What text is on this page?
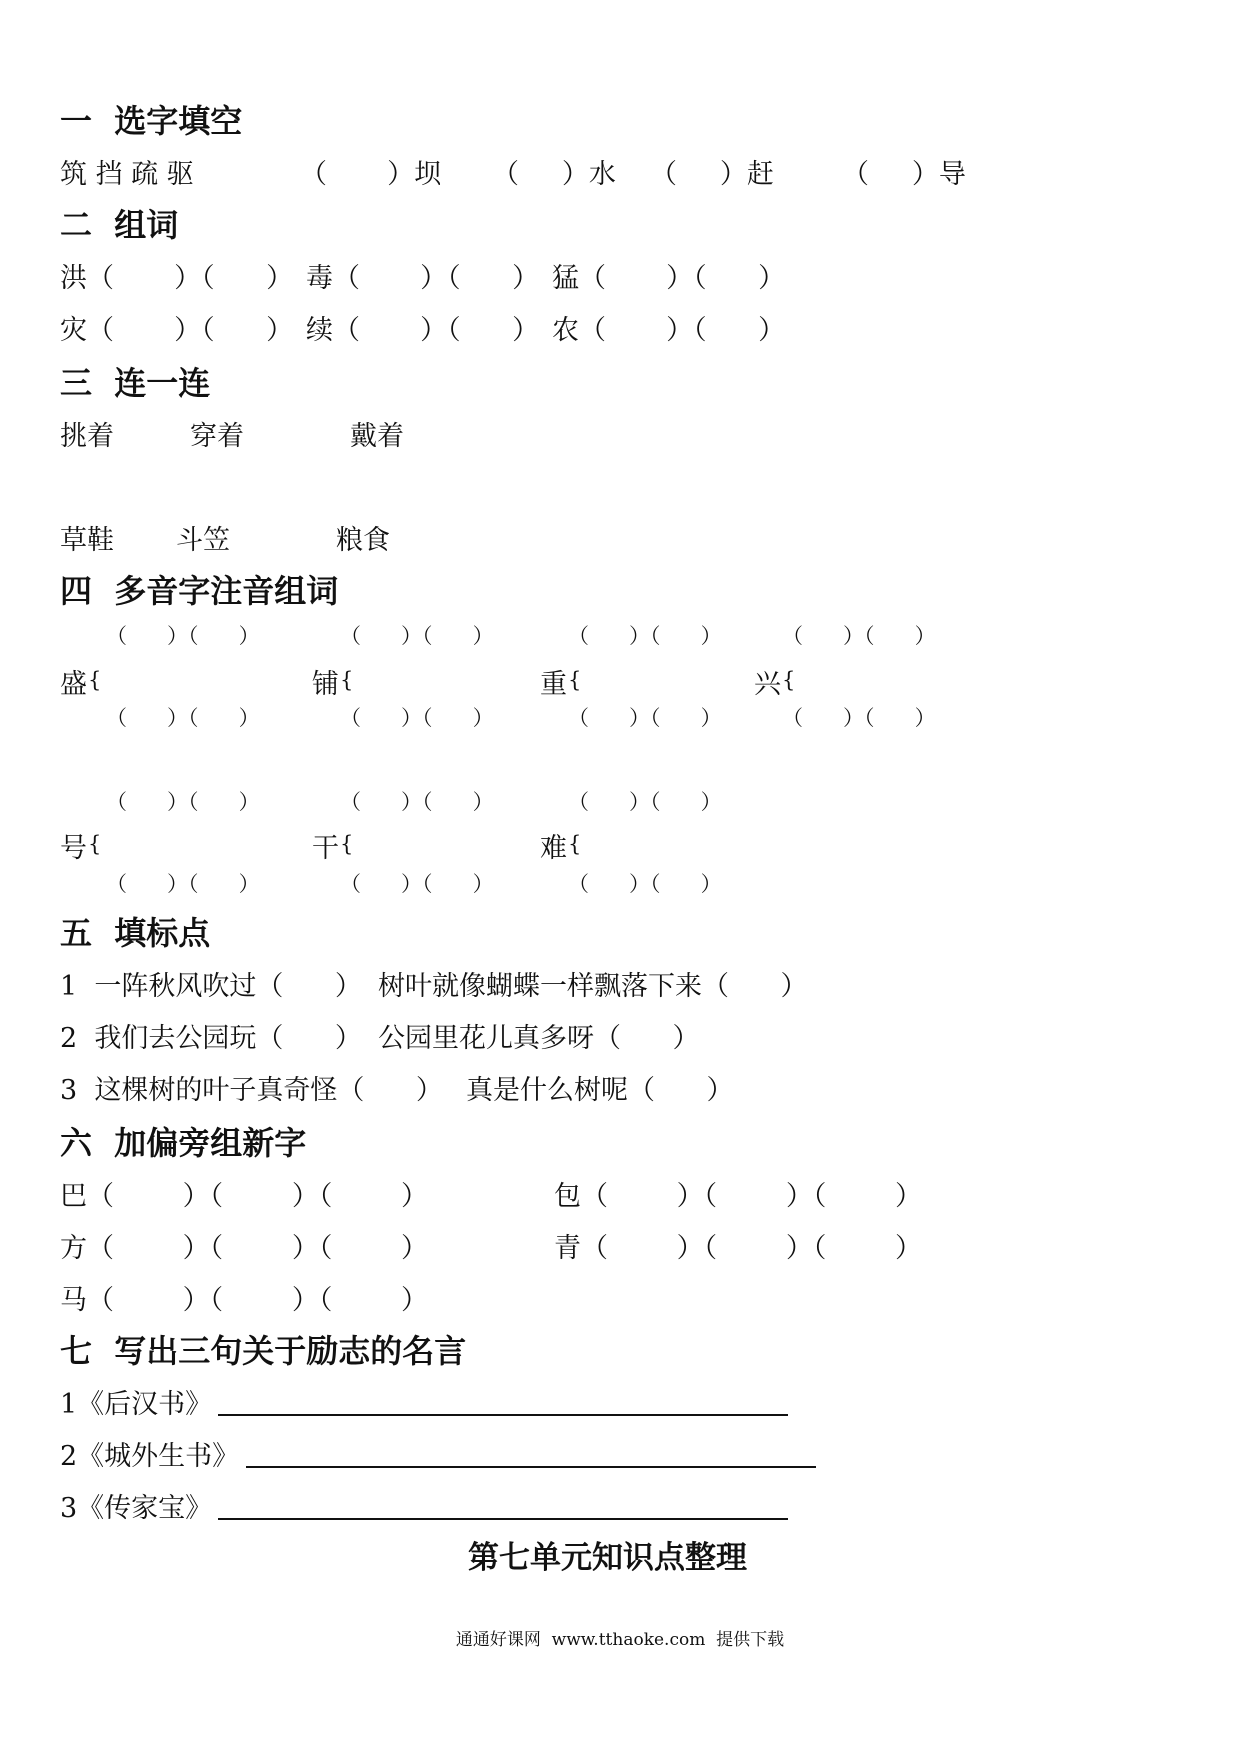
一  选字填空
筑 挡 疏 驱	（       ）坝 （     ）水 （     ）赶	（     ）导
二  组词
洪（       ）（      ） 毒（       ）（      ） 猛（       ）（      ）
灾（       ）（      ） 续（       ）（      ） 农（       ）（      ）
三  连一连
挑着	穿着	戴着
草鞋 斗笠	粮食
四  多音字注音组词
（      ）（      ）	（      ）（      ）	（      ）（      ）	（      ）（      ）
盛 {	铺 {	重 {	兴 {
（      ）（      ）	（      ）（      ）	（      ）（      ）	（      ）（      ）
（      ）（      ）	（      ）（      ）	（      ）（      ）
号 {	干 {	难 {
（      ）（      ）	（      ）（      ）	（      ）（      ）
五  填标点
1  一阵秋风吹过（      ） 树叶就像蝴蝶一样飘落下来（      ）
2  我们去公园玩（      ） 公园里花儿真多呀（      ）
3  这棵树的叶子真奇怪（      ） 真是什么树呢（      ）
六  加偏旁组新字
巴（        ）（        ）（        ）	包（        ）（        ）（        ）
方（        ）（        ）（        ）	青（        ）（        ）（        ）
马（        ）（        ）（        ）
七  写出三句关于励志的名言
1《后汉书》
2《城外生书》
3《传家宝》
第七单元知识点整理
通通好课网  www.tthaoke.com  提供下载
